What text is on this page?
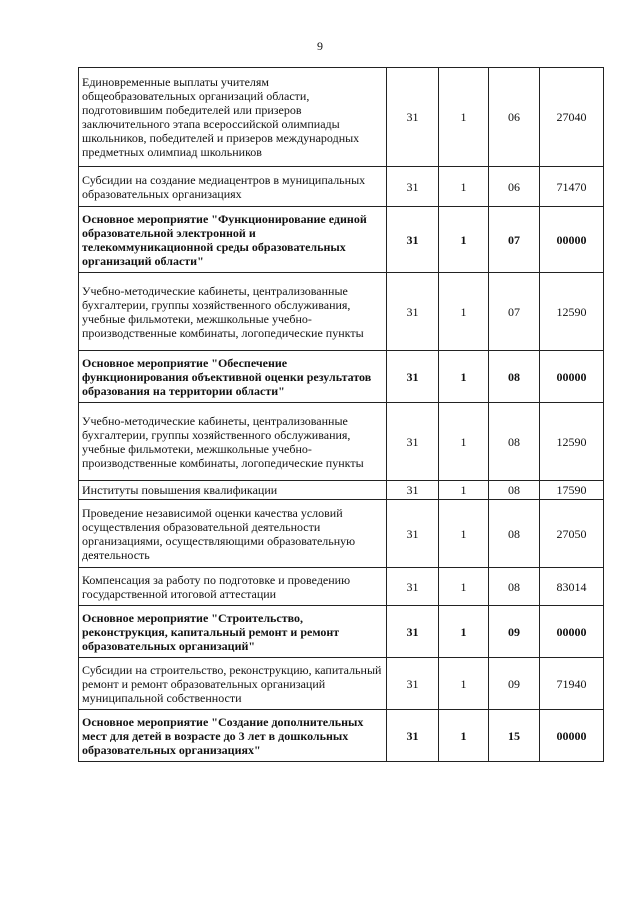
9
Единовременные выплаты учителям общеобразовательных организаций области, подготовившим победителей или призеров заключительного этапа всероссийской олимпиады школьников, победителей и призеров международных предметных олимпиад школьников	31	1	06	27040
Субсидии на создание медиацентров в муниципальных образовательных организациях	31	1	06	71470
Основное мероприятие "Функционирование единой образовательной электронной и телекоммуникационной среды образовательных организаций области"	31	1	07	00000
Учебно-методические кабинеты, централизованные бухгалтерии, группы хозяйственного обслуживания, учебные фильмотеки, межшкольные учебно-производственные комбинаты, логопедические пункты	31	1	07	12590
Основное мероприятие "Обеспечение функционирования объективной оценки результатов образования на территории области"	31	1	08	00000
Учебно-методические кабинеты, централизованные бухгалтерии, группы хозяйственного обслуживания, учебные фильмотеки, межшкольные учебно-производственные комбинаты, логопедические пункты	31	1	08	12590
Институты повышения квалификации	31	1	08	17590
Проведение независимой оценки качества условий осуществления образовательной деятельности организациями, осуществляющими образовательную деятельность	31	1	08	27050
Компенсация за работу по подготовке и проведению государственной итоговой аттестации	31	1	08	83014
Основное мероприятие "Строительство, реконструкция, капитальный ремонт и ремонт образовательных организаций"	31	1	09	00000
Субсидии на строительство, реконструкцию, капитальный ремонт и ремонт образовательных организаций муниципальной собственности	31	1	09	71940
Основное мероприятие "Создание дополнительных мест для детей в возрасте до 3 лет в дошкольных образовательных организациях"	31	1	15	00000
